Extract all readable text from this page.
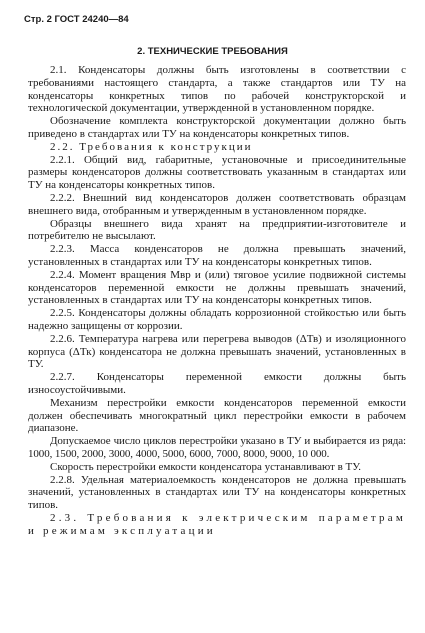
Стр. 2 ГОСТ 24240—84
2. ТЕХНИЧЕСКИЕ ТРЕБОВАНИЯ

2.1. Конденсаторы должны быть изготовлены в соответствии с требованиями настоящего стандарта, а также стандартов или ТУ на конденсаторы конкретных типов по рабочей конструкторской и технологической документации, утвержденной в установленном порядке.

Обозначение комплекта конструкторской документации должно быть приведено в стандартах или ТУ на конденсаторы конкретных типов.

2.2. Требования к конструкции

2.2.1. Общий вид, габаритные, установочные и присоединительные размеры конденсаторов должны соответствовать указанным в стандартах или ТУ на конденсаторы конкретных типов.

2.2.2. Внешний вид конденсаторов должен соответствовать образцам внешнего вида, отобранным и утвержденным в установленном порядке.

Образцы внешнего вида хранят на предприятии-изготовителе и потребителю не высылают.

2.2.3. Масса конденсаторов не должна превышать значений, установленных в стандартах или ТУ на конденсаторы конкретных типов.

2.2.4. Момент вращения Мвр и (или) тяговое усилие подвижной системы конденсаторов переменной емкости не должны превышать значений, установленных в стандартах или ТУ на конденсаторы конкретных типов.

2.2.5. Конденсаторы должны обладать коррозионной стойкостью или быть надежно защищены от коррозии.

2.2.6. Температура нагрева или перегрева выводов (ΔТв) и изоляционного корпуса (ΔТк) конденсатора не должна превышать значений, установленных в ТУ.

2.2.7. Конденсаторы переменной емкости должны быть износоустойчивыми.

Механизм перестройки емкости конденсаторов переменной емкости должен обеспечивать многократный цикл перестройки емкости в рабочем диапазоне.

Допускаемое число циклов перестройки указано в ТУ и выбирается из ряда: 1000, 1500, 2000, 3000, 4000, 5000, 6000, 7000, 8000, 9000, 10 000.

Скорость перестройки емкости конденсатора устанавливают в ТУ.

2.2.8. Удельная материалоемкость конденсаторов не должна превышать значений, установленных в стандартах или ТУ на конденсаторы конкретных типов.

2.3. Требования к электрическим параметрам и режимам эксплуатации
